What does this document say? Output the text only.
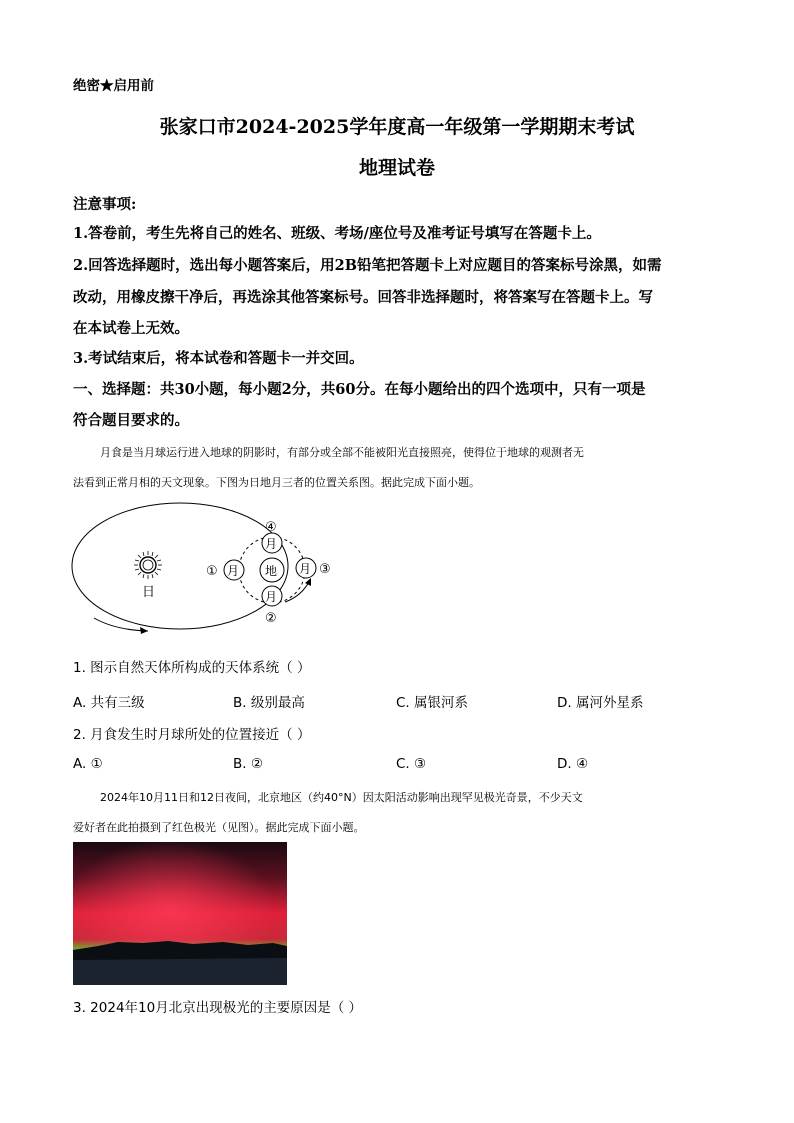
绝密★启用前
张家口市2024-2025学年度高一年级第一学期期末考试
地理试卷
注意事项:
1.答卷前，考生先将自己的姓名、班级、考场/座位号及准考证号填写在答题卡上。
2.回答选择题时，选出每小题答案后，用2B铅笔把答题卡上对应题目的答案标号涂黑，如需
改动，用橡皮擦干净后，再选涂其他答案标号。回答非选择题时，将答案写在答题卡上。写
在本试卷上无效。
3.考试结束后，将本试卷和答题卡一并交回。
一、选择题：共30小题，每小题2分，共60分。在每小题给出的四个选项中，只有一项是
符合题目要求的。
月食是当月球运行进入地球的阴影时，有部分或全部不能被阳光直接照亮，使得位于地球的观测者无
法看到正常月相的天文现象。下图为日地月三者的位置关系图。据此完成下面小题。
日
地
月
①	月 ③
月
④
月
②
1. 图示自然天体所构成的天体系统（ ）
A. 共有三级	B. 级别最高	C. 属银河系	D. 属河外星系
2. 月食发生时月球所处的位置接近（ ）
A. ①	B. ②	C. ③	D. ④
2024年10月11日和12日夜间，北京地区（约40°N）因太阳活动影响出现罕见极光奇景，不少天文
爱好者在此拍摄到了红色极光（见图）。据此完成下面小题。
3. 2024年10月北京出现极光的主要原因是（ ）
